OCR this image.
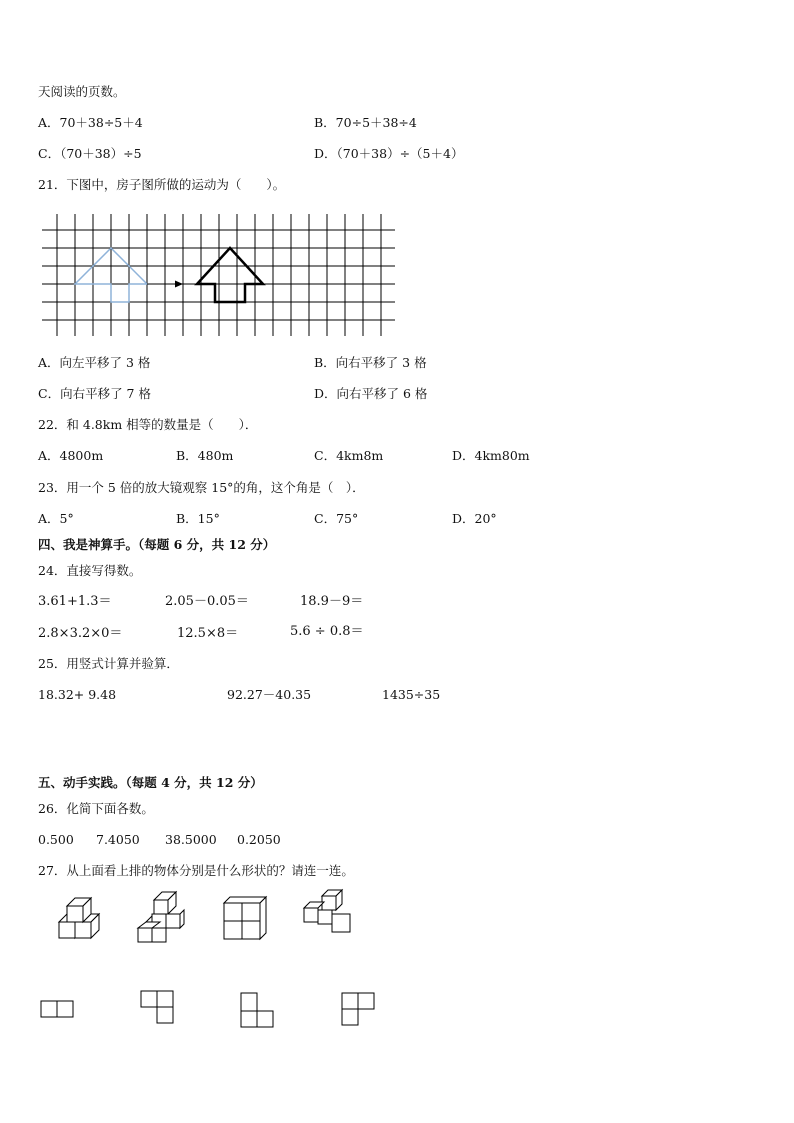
天阅读的页数。
A．70＋38÷5＋4	B．70÷5＋38÷4
C．（70＋38）÷5	D．（70＋38）÷（5＋4）
21．下图中，房子图所做的运动为（　　）。
A．向左平移了 3 格	B．向右平移了 3 格
C．向右平移了 7 格	D．向右平移了 6 格
22．和 4.8km 相等的数量是（　　）．
A．4800m	B．480m	C．4km8m	D．4km80m
23．用一个 5 倍的放大镜观察 15°的角，这个角是（　）．
A．5°	B．15°	C．75°	D．20°
四、我是神算手。（每题 6 分，共 12 分）
24．直接写得数。
3.61+1.3＝	2.05－0.05＝	18.9－9＝
2.8×3.2×0＝	12.5×8＝	5.6 ÷ 0.8＝
25．用竖式计算并验算．
18.32+ 9.48	92.27－40.35	1435÷35
五、动手实践。（每题 4 分，共 12 分）
26．化简下面各数。
0.500 7.4050 38.5000 0.2050
27．从上面看上排的物体分别是什么形状的？请连一连。
